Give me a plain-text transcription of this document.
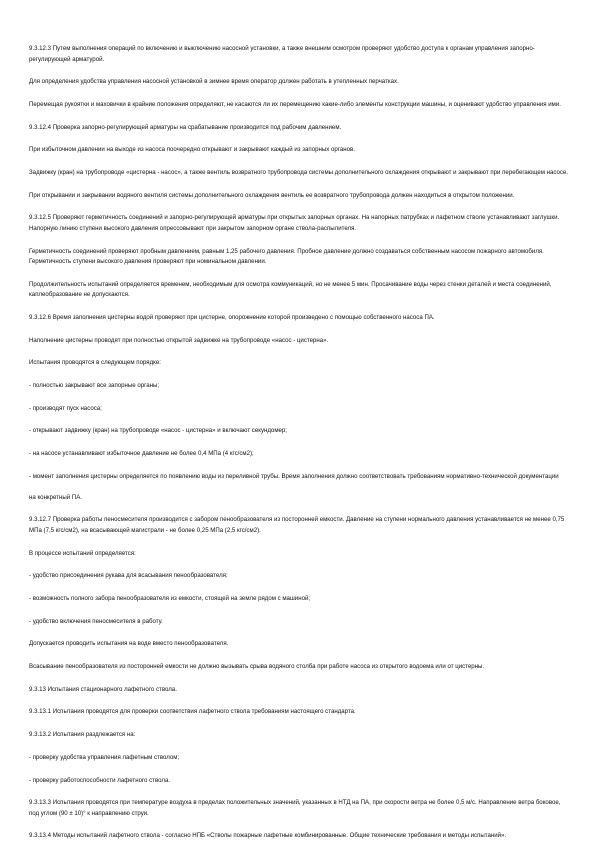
9.3.12.3 Путем выполнения операций по включению и выключению насосной установки, а также внешним осмотром проверяют удобство доступа к органам управления запорно-регулирующей арматурой.

Для определения удобства управления насосной установкой в зимнее время оператор должен работать в утепленных перчатках.

Перемещая рукоятки и маховички в крайние положения определяют, не касаются ли их перемещению какие-либо элементы конструкции машины, и оценивают удобство управления ими.

9.3.12.4 Проверка запорно-регулирующей арматуры на срабатывание производится под рабочим давлением.

При избыточном давлении на выходе из насоса поочередно открывают и закрывают каждый из запорных органов.

Задвижку (кран) на трубопроводе «цистерна - насос», а также вентиль возвратного трубопровода системы дополнительного охлаждения открывают и закрывают при перебегающем насосе.

При открывании и закрывании водяного вентиля системы дополнительного охлаждения вентиль ее возвратного трубопровода должен находиться в открытом положении.

9.3.12.5 Проверяют герметичность соединений и запорно-регулирующей арматуры при открытых запорных органах. На напорных патрубках и лафетном стволе устанавливают заглушки. Напорную линию ступени высокого давления опрессовывают при закрытом запорном органе ствола-распылителя.

Герметичность соединений проверяют пробным давлением, равным 1,25 рабочего давления. Пробное давление должно создаваться собственным насосом пожарного автомобиля. Герметичность ступени высокого давления проверяют при номинальном давлении.

Продолжительность испытаний определяется временем, необходимым для осмотра коммуникаций, но не менее 5 мин. Просачивание воды через стенки деталей и места соединений, каплеобразование не допускаются.

9.3.12.6 Время заполнения цистерны водой проверяют при цистерне, опорожнение которой произведено с помощью собственного насоса ПА.

Наполнение цистерны проводят при полностью открытой задвижке на трубопроводе «насос - цистерна».

Испытания проводятся в следующем порядке:

- полностью закрывают все запорные органы;

- производят пуск насоса;

- открывают задвижку (кран) на трубопроводе «насос - цистерна» и включают секундомер;

- на насосе устанавливают избыточное давление не более 0,4 МПа (4 кгс/см2);

- момент заполнения цистерны определяется по появлению воды из переливной трубы. Время заполнения должно соответствовать требованиям нормативно-технической документации

на конкретный ПА.

9.3.12.7 Проверка работы пеносмесителя производится с забором пенообразователя из посторонней емкости. Давление на ступени нормального давления устанавливается не менее 0,75 МПа (7,5 кгс/см2), на всасывающей магистрали - не более 0,25 МПа (2,5 кгс/см2).

В процессе испытаний определяется:

- удобство присоединения рукава для всасывания пенообразователя;

- возможность полного забора пенообразователя из емкости, стоящей на земле рядом с машиной;

- удобство включения пеносмесителя в работу.

Допускается проводить испытания на воде вместо пенообразователя.

Всасывание пенообразователя из посторонней емкости не должно вызывать срыва водяного столба при работе насоса из открытого водоема или от цистерны.

9.3.13 Испытания стационарного лафетного ствола.

9.3.13.1 Испытания проводятся для проверки соответствия лафетного ствола требованиям настоящего стандарта.

9.3.13.2 Испытания раздлежается на:

- проверку удобства управления лафетным стволом;

- проверку работоспособности лафетного ствола.

9.3.13.3 Испытания проводятся при температуре воздуха в пределах положительных значений, указанных в НТД на ПА, при скорости ветра не более 0,5 м/с. Направление ветра боковое, под углом (90 ± 10)° к направлению струи.

9.3.13.4 Методы испытаний лафетного ствола - согласно НПБ «Стволы пожарные лафетные комбинированные. Общие технические требования и методы испытаний».
